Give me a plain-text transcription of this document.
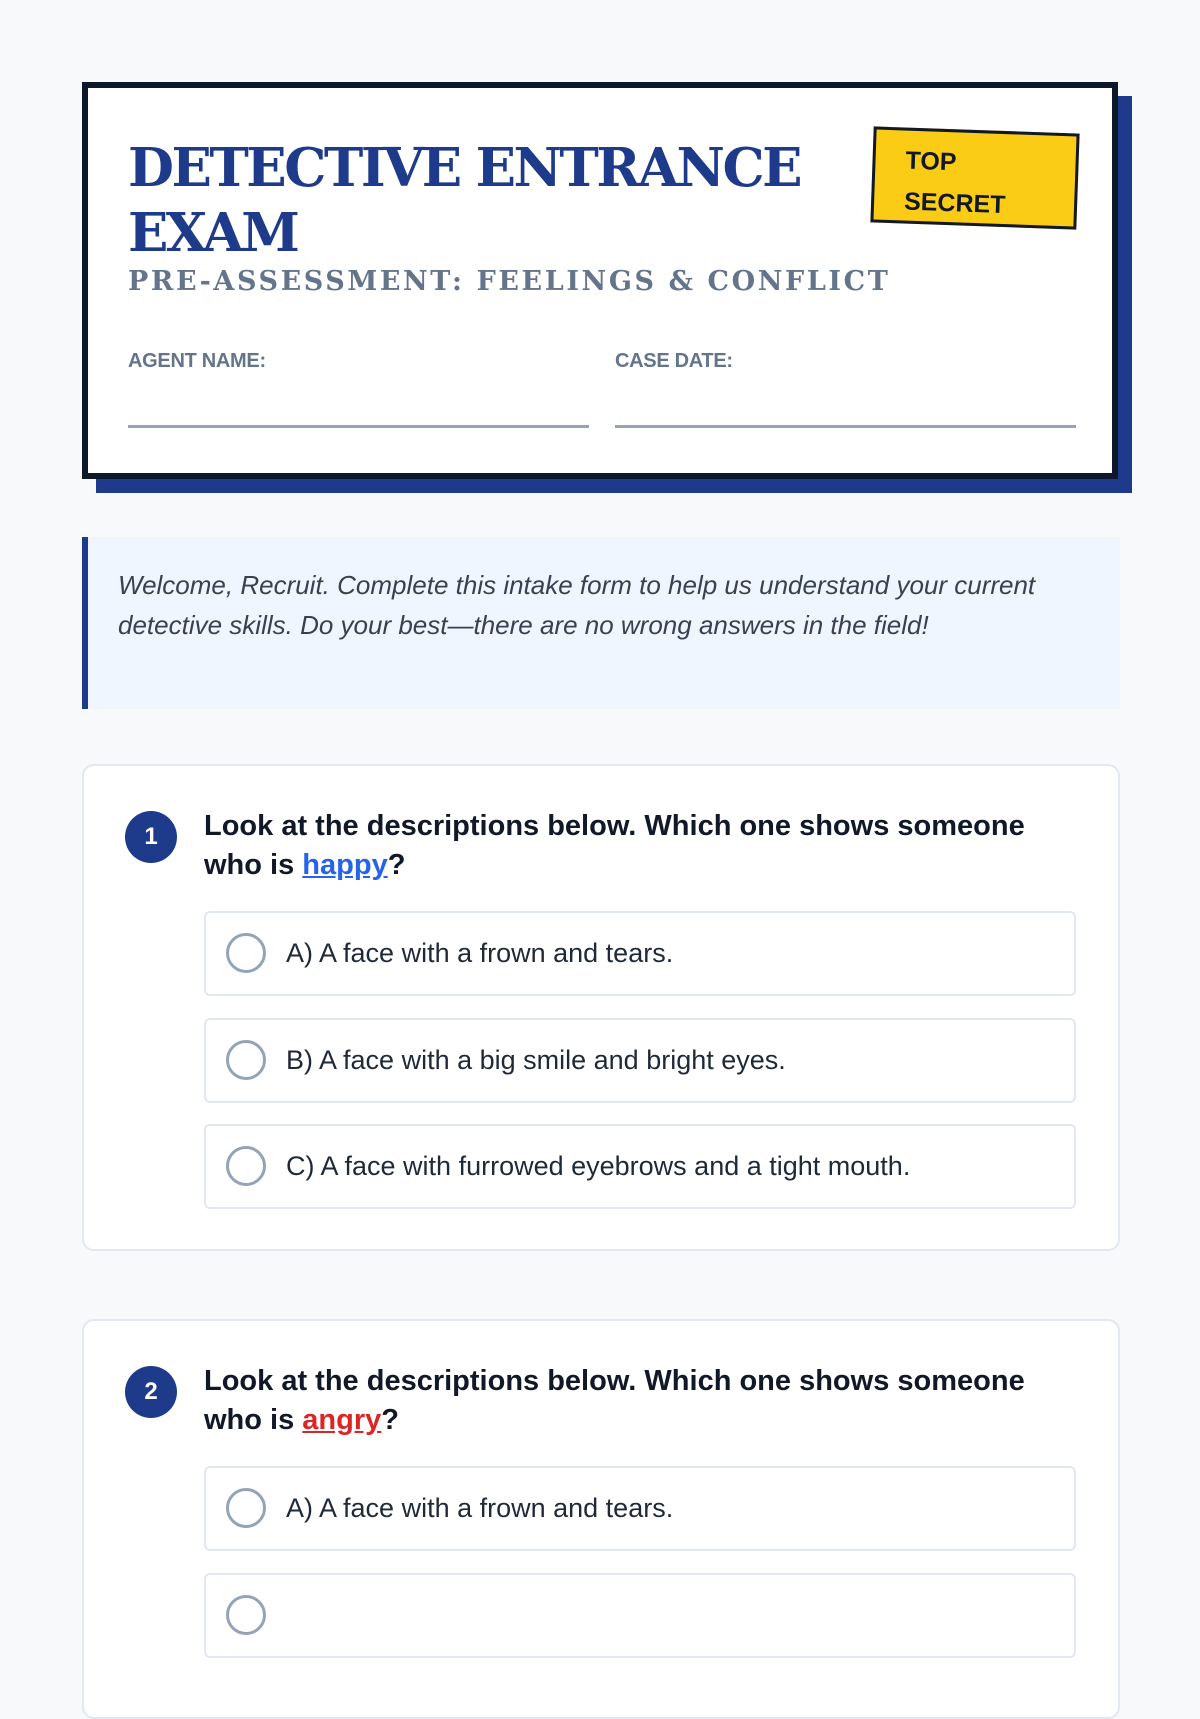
DETECTIVE ENTRANCE EXAM

PRE-ASSESSMENT: FEELINGS & CONFLICT

TOP
SECRET
AGENT NAME:	CASE DATE:
Welcome, Recruit. Complete this intake form to help us understand your current detective skills. Do your best—there are no wrong answers in the field!
1	Look at the descriptions below. Which one shows someone who is happy?

A) A face with a frown and tears.
B) A face with a big smile and bright eyes.
C) A face with furrowed eyebrows and a tight mouth.
2	Look at the descriptions below. Which one shows someone who is angry?

A) A face with a frown and tears.
